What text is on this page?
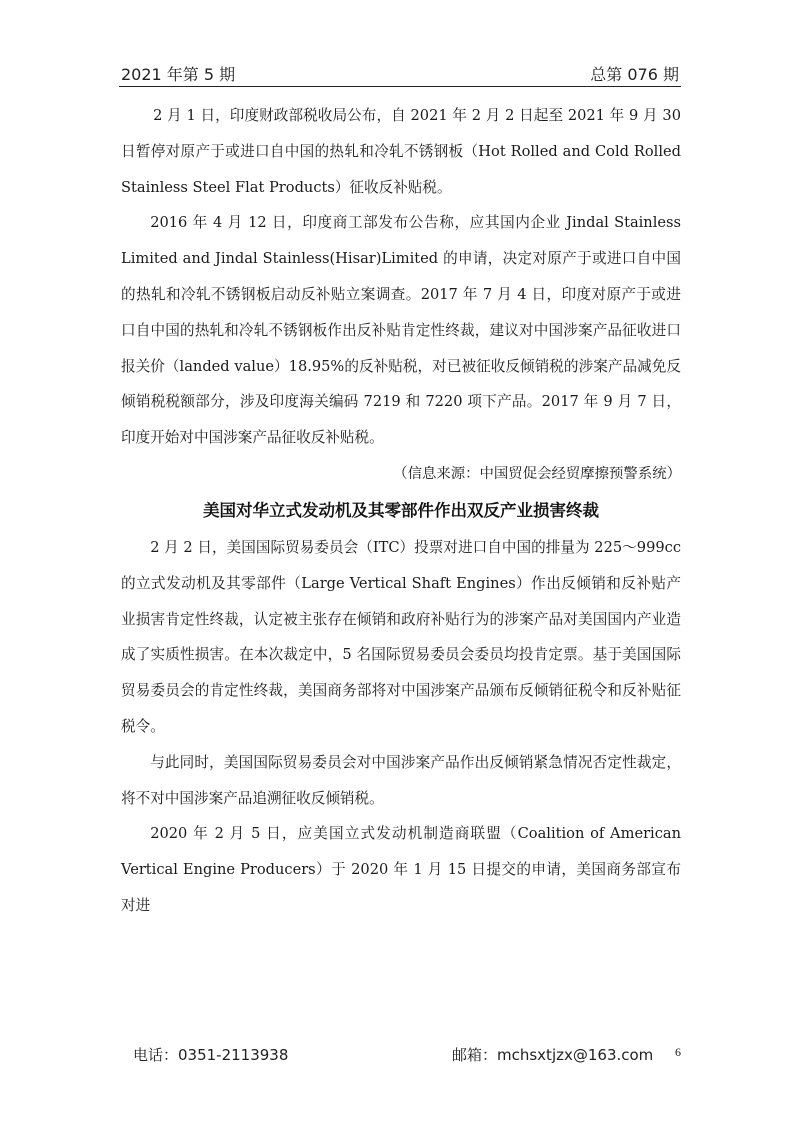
2021 年第 5 期	总第 076 期

2 月 1 日，印度财政部税收局公布，自 2021 年 2 月 2 日起至 2021 年 9 月 30 日暂停对原产于或进口自中国的热轧和冷轧不锈钢板（Hot Rolled and Cold Rolled Stainless Steel Flat Products）征收反补贴税。

2016 年 4 月 12 日，印度商工部发布公告称，应其国内企业 Jindal Stainless Limited and Jindal Stainless(Hisar)Limited 的申请，决定对原产于或进口自中国的热轧和冷轧不锈钢板启动反补贴立案调查。2017 年 7 月 4 日，印度对原产于或进口自中国的热轧和冷轧不锈钢板作出反补贴肯定性终裁，建议对中国涉案产品征收进口报关价（landed value）18.95%的反补贴税，对已被征收反倾销税的涉案产品减免反倾销税税额部分，涉及印度海关编码 7219 和 7220 项下产品。2017 年 9 月 7 日，印度开始对中国涉案产品征收反补贴税。

（信息来源：中国贸促会经贸摩擦预警系统）

美国对华立式发动机及其零部件作出双反产业损害终裁

2 月 2 日，美国国际贸易委员会（ITC）投票对进口自中国的排量为 225～999cc 的立式发动机及其零部件（Large Vertical Shaft Engines）作出反倾销和反补贴产业损害肯定性终裁，认定被主张存在倾销和政府补贴行为的涉案产品对美国国内产业造成了实质性损害。在本次裁定中，5 名国际贸易委员会委员均投肯定票。基于美国国际贸易委员会的肯定性终裁，美国商务部将对中国涉案产品颁布反倾销征税令和反补贴征税令。

与此同时，美国国际贸易委员会对中国涉案产品作出反倾销紧急情况否定性裁定，将不对中国涉案产品追溯征收反倾销税。

2020 年 2 月 5 日，应美国立式发动机制造商联盟（Coalition of American Vertical Engine Producers）于 2020 年 1 月 15 日提交的申请，美国商务部宣布对进

电话：0351-2113938	邮箱：mchsxtjzx@163.com 6
